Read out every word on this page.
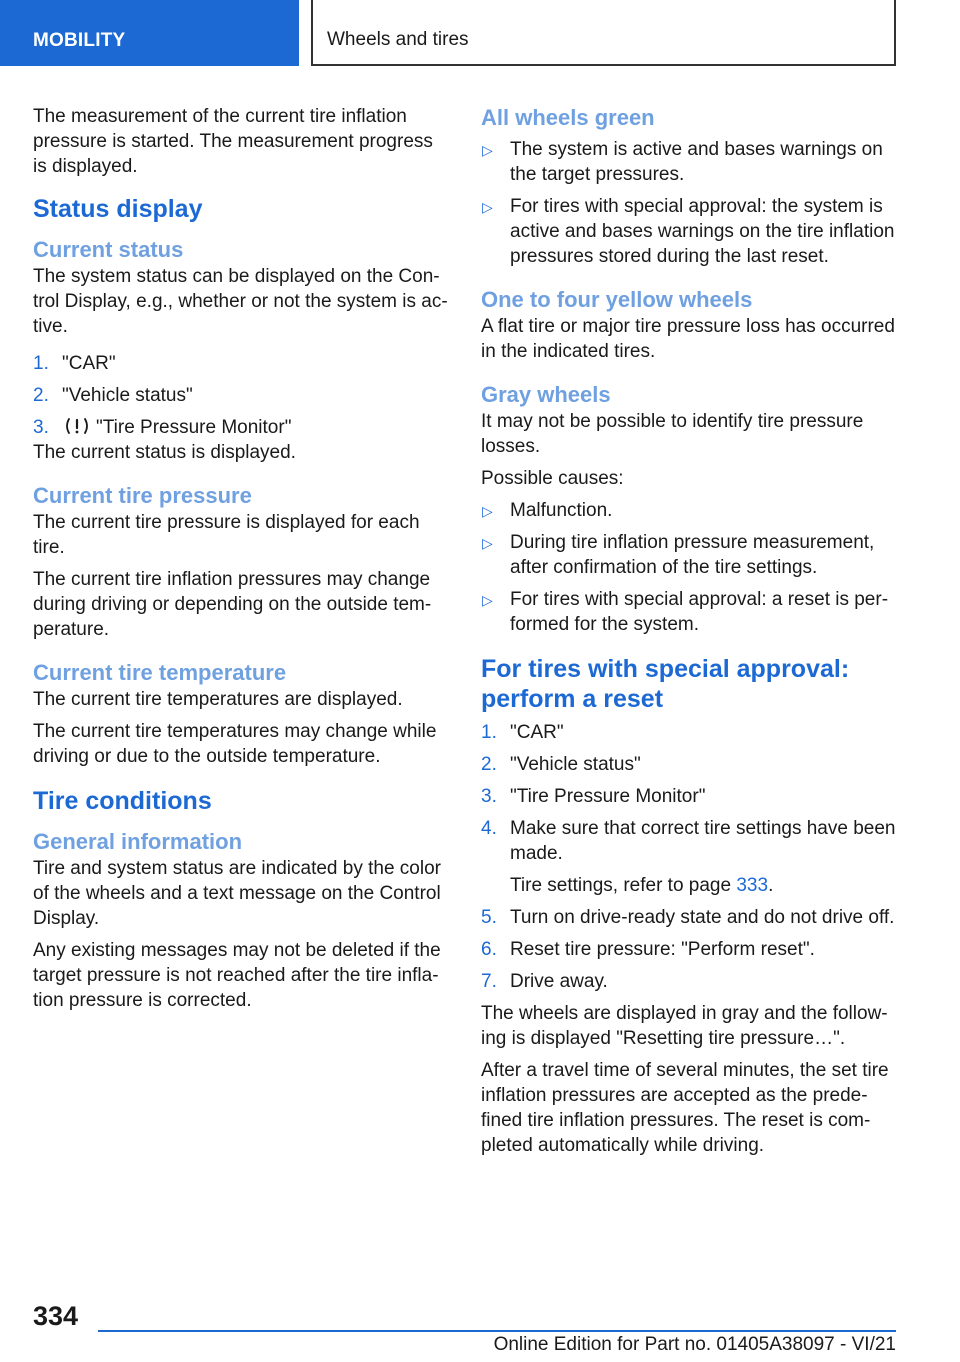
MOBILITY	Wheels and tires

The measurement of the current tire inflation pressure is started. The measurement progress is displayed.

Status display
Current status

The system status can be displayed on the Control Display, e.g., whether or not the system is active.

1. "CAR"
2. "Vehicle status"
3. "Tire Pressure Monitor"

The current status is displayed.

Current tire pressure

The current tire pressure is displayed for each tire.

The current tire inflation pressures may change during driving or depending on the outside temperature.

Current tire temperature

The current tire temperatures are displayed.

The current tire temperatures may change while driving or due to the outside temperature.

Tire conditions
General information

Tire and system status are indicated by the color of the wheels and a text message on the Control Display.

Any existing messages may not be deleted if the target pressure is not reached after the tire inflation pressure is corrected.

All wheels green
▷ The system is active and bases warnings on the target pressures.
▷ For tires with special approval: the system is active and bases warnings on the tire inflation pressures stored during the last reset.
One to four yellow wheels

A flat tire or major tire pressure loss has occurred in the indicated tires.

Gray wheels

It may not be possible to identify tire pressure losses.

Possible causes:

▷ Malfunction.
▷ During tire inflation pressure measurement, after confirmation of the tire settings.
▷ For tires with special approval: a reset is performed for the system.
For tires with special approval: perform a reset
1. "CAR"
2. "Vehicle status"
3. "Tire Pressure Monitor"
4. Make sure that correct tire settings have been made.
Tire settings, refer to page 333.
5. Turn on drive-ready state and do not drive off.
6. Reset tire pressure: "Perform reset".
7. Drive away.

The wheels are displayed in gray and the following is displayed "Resetting tire pressure…".

After a travel time of several minutes, the set tire inflation pressures are accepted as the predefined tire inflation pressures. The reset is completed automatically while driving.

334
Online Edition for Part no. 01405A38097 - VI/21
